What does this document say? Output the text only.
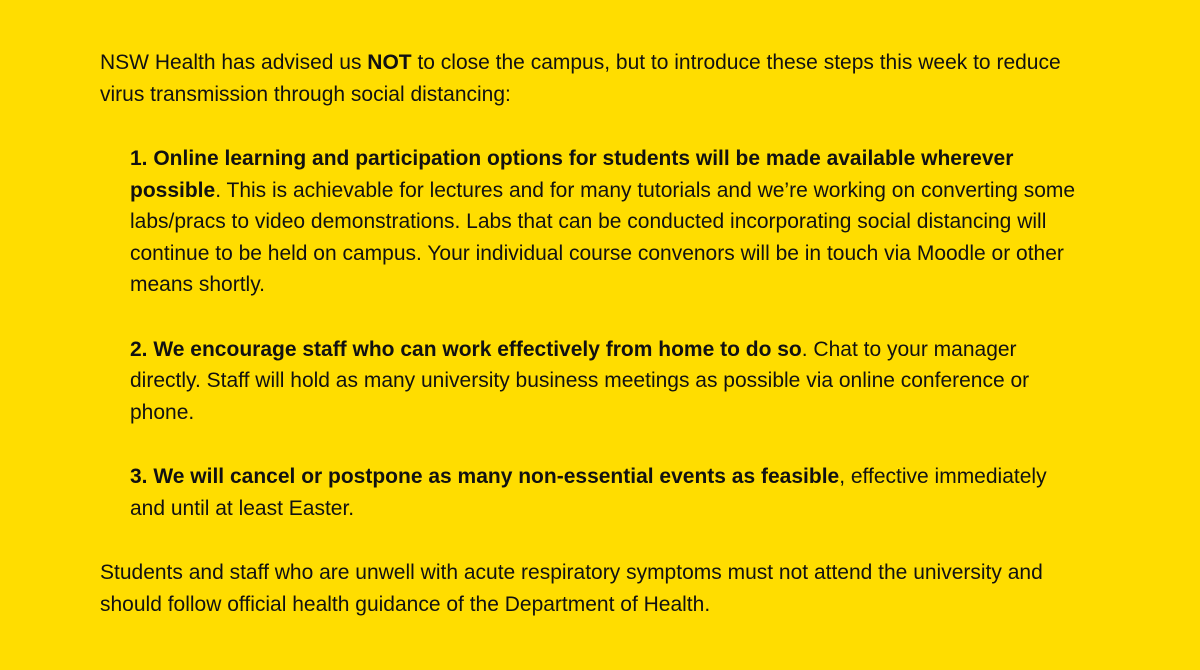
NSW Health has advised us NOT to close the campus, but to introduce these steps this week to reduce virus transmission through social distancing:

1. Online learning and participation options for students will be made available wherever possible. This is achievable for lectures and for many tutorials and we’re working on converting some labs/pracs to video demonstrations. Labs that can be conducted incorporating social distancing will continue to be held on campus. Your individual course convenors will be in touch via Moodle or other means shortly.
2. We encourage staff who can work effectively from home to do so. Chat to your manager directly. Staff will hold as many university business meetings as possible via online conference or phone.
3. We will cancel or postpone as many non-essential events as feasible, effective immediately and until at least Easter.

Students and staff who are unwell with acute respiratory symptoms must not attend the university and should follow official health guidance of the Department of Health.
